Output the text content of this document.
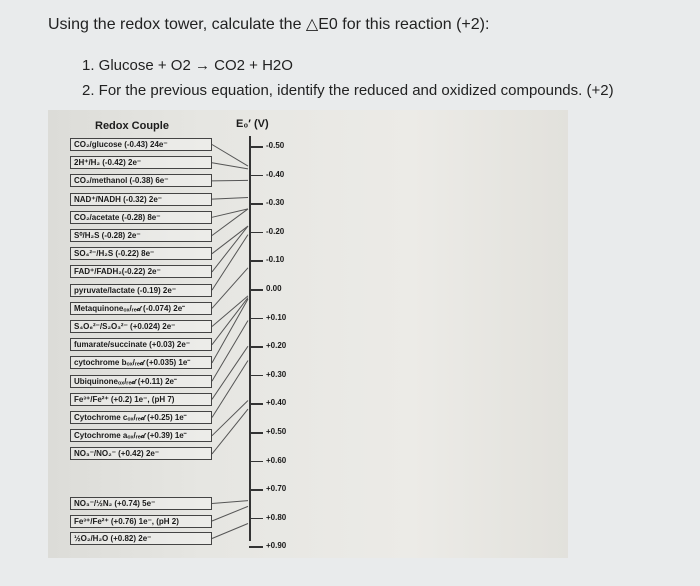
Using the redox tower, calculate the △E0 for this reaction (+2):
1. Glucose + O2 → CO2 + H2O
2. For the previous equation, identify the reduced and oxidized compounds. (+2)
Redox Couple	E₀′ (V)
CO₂/glucose (-0.43) 24e⁻
2H⁺/H₂ (-0.42) 2e⁻
CO₂/methanol (-0.38) 6e⁻
NAD⁺/NADH (-0.32) 2e⁻
CO₂/acetate (-0.28) 8e⁻
S⁰/H₂S (-0.28) 2e⁻
SO₄²⁻/H₂S (-0.22) 8e⁻
FAD⁺/FADH₂(-0.22) 2e⁻
pyruvate/lactate (-0.19) 2e⁻
Metaquinoneₒₓ/ᵣₑ𝒹 (-0.074) 2e⁻
S₄O₆²⁻/S₂O₃²⁻ (+0.024) 2e⁻
fumarate/succinate (+0.03) 2e⁻
cytochrome bₒₓ/ᵣₑ𝒹 (+0.035) 1e⁻
Ubiquinoneₒₓ/ᵣₑ𝒹 (+0.11) 2e⁻
Fe³⁺/Fe²⁺ (+0.2) 1e⁻, (pH 7)
Cytochrome cₒₓ/ᵣₑ𝒹 (+0.25) 1e⁻
Cytochrome aₒₓ/ᵣₑ𝒹 (+0.39) 1e⁻
NO₃⁻/NO₂⁻ (+0.42) 2e⁻
NO₃⁻/½N₂ (+0.74) 5e⁻
Fe³⁺/Fe²⁺ (+0.76) 1e⁻, (pH 2)
½O₂/H₂O (+0.82) 2e⁻
-0.50
-0.40
-0.30
-0.20
-0.10
0.00
+0.10
+0.20
+0.30
+0.40
+0.50
+0.60
+0.70
+0.80
+0.90
